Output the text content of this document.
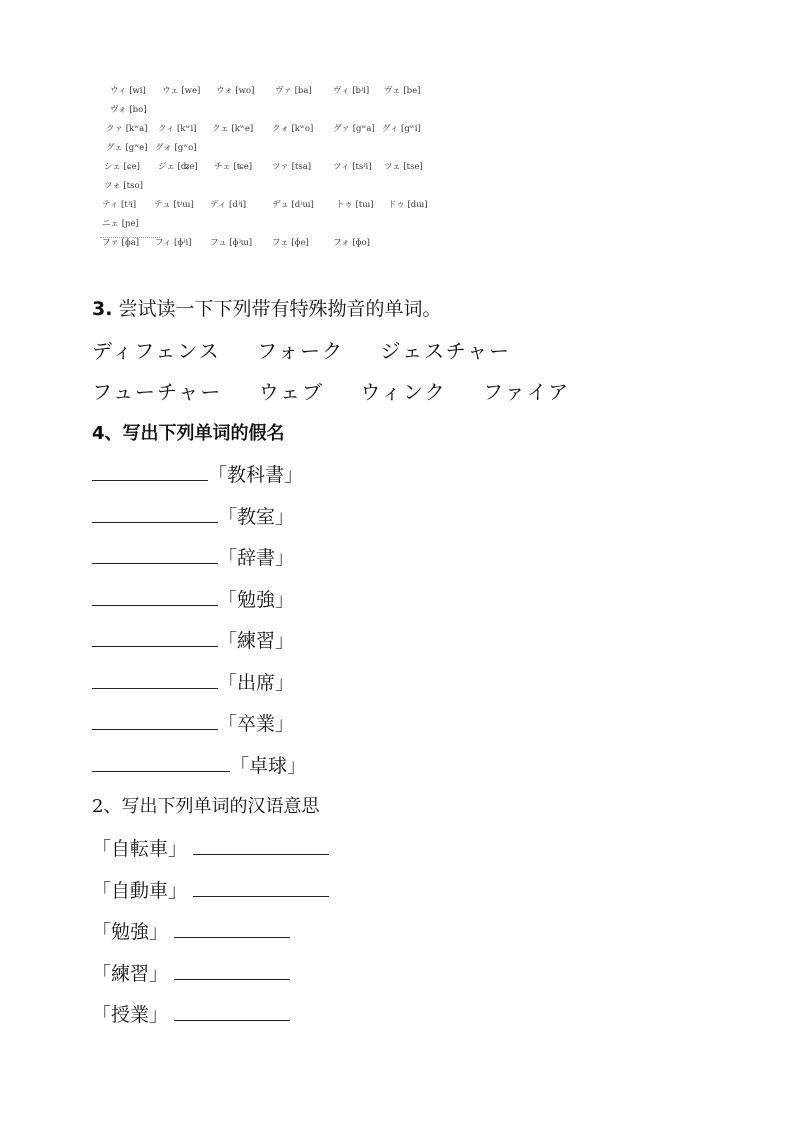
ウィ [wi] ウェ [we] ウォ [wo] ヴァ [ba] ヴィ [bʲi] ヴェ [be]
ヴォ [bo]
クァ [kʷa] クィ [kʷi] クェ [kʷe] クォ [kʷo] グァ [gʷa] グィ [gʷi]
グェ [gʷe] グォ [gʷo]
シェ [ɕe] ジェ [ʥe] チェ [ʨe] ツァ [tsa]	ツィ [tsʲi] ツェ [tse]
ツォ [tso]
ティ [tʲi] テュ [tʲɯ] ディ [dʲi]	デュ [dʲɯ]	トゥ [tɯ] ドゥ [dɯ]
ニェ [ɲe]
ファ [ɸa] フィ [ɸʲi] フュ [ɸʲɯ] フェ [ɸe]	フォ [ɸo]
3. 尝试读一下下列带有特殊拗音的单词。
ディフェンス フォーク ジェスチャー
フューチャー ウェブ ウィンク ファイア
4、写出下列单词的假名
「教科書」
「教室」
「辞書」
「勉強」
「練習」
「出席」
「卒業」
「卓球」
2、写出下列单词的汉语意思
「自転車」
「自動車」
「勉強」
「練習」
「授業」
